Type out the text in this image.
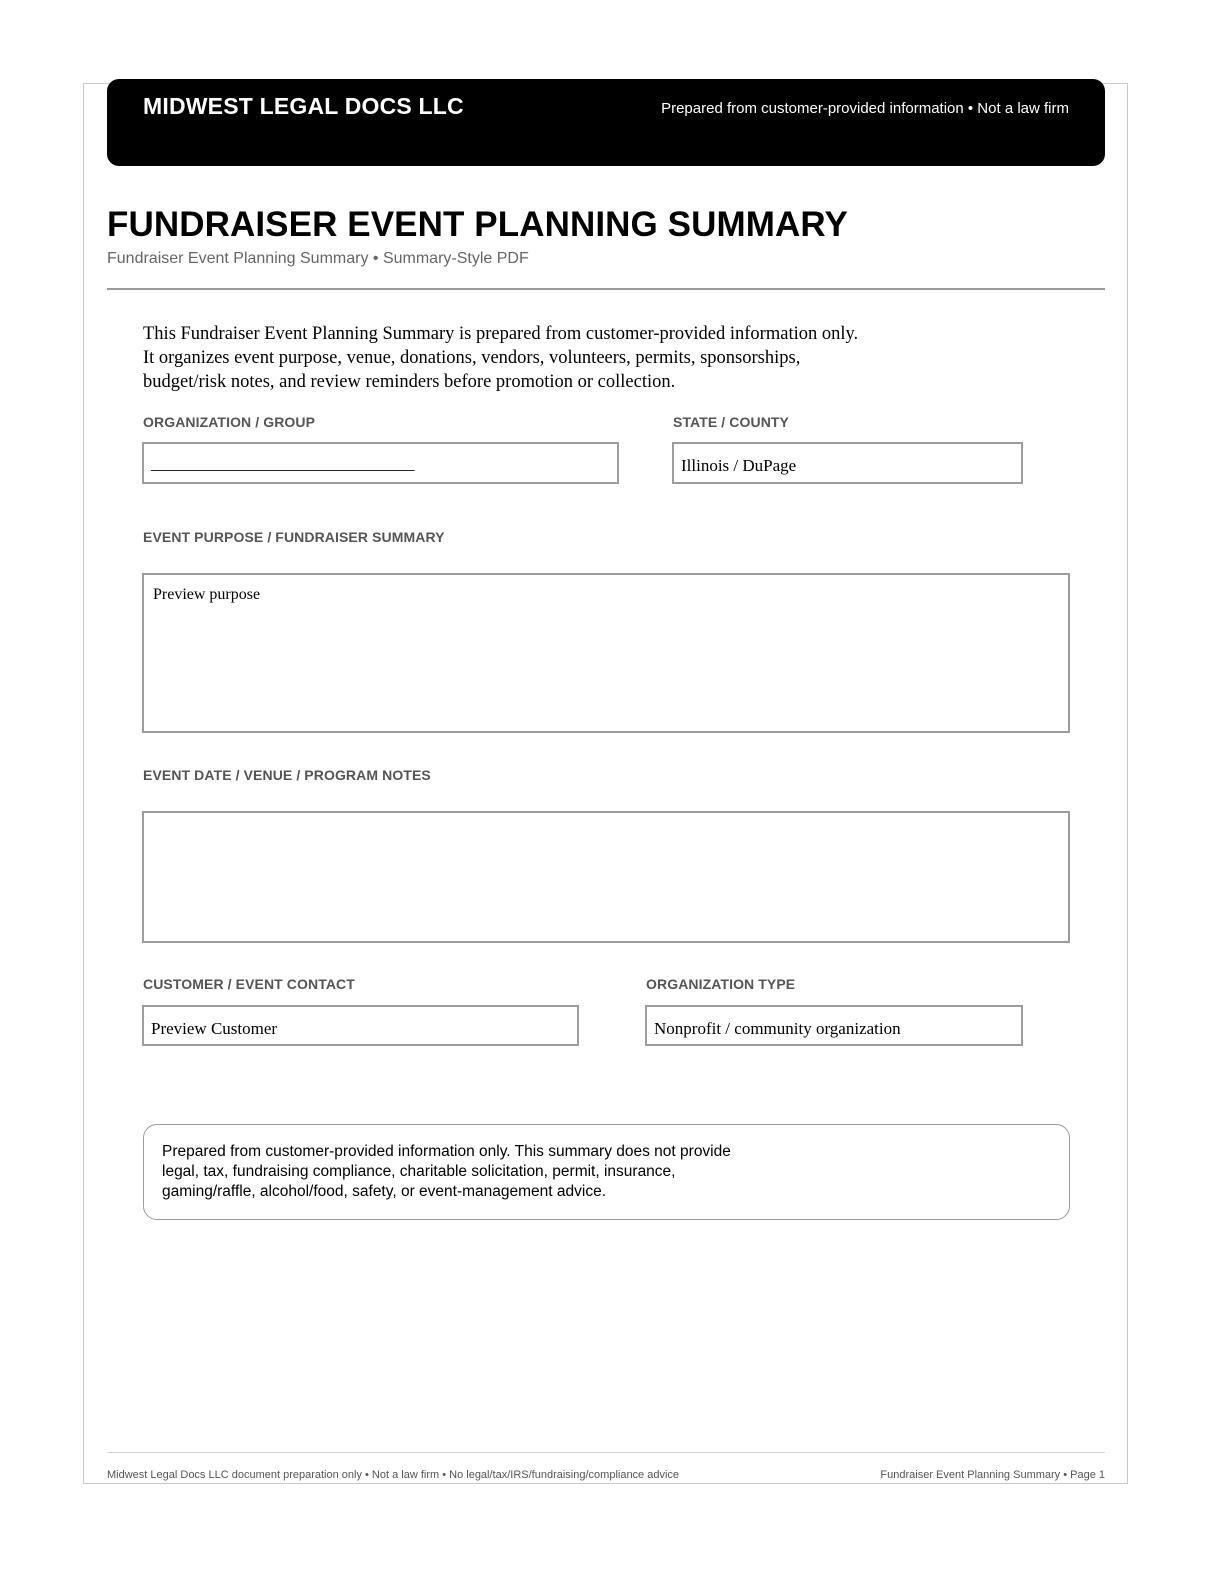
MIDWEST LEGAL DOCS LLC	Prepared from customer-provided information • Not a law firm
FUNDRAISER EVENT PLANNING SUMMARY
Fundraiser Event Planning Summary • Summary-Style PDF

This Fundraiser Event Planning Summary is prepared from customer-provided information only.

It organizes event purpose, venue, donations, vendors, volunteers, permits, sponsorships,

budget/risk notes, and review reminders before promotion or collection.

ORGANIZATION / GROUP
_______________________________
STATE / COUNTY
Illinois / DuPage
EVENT PURPOSE / FUNDRAISER SUMMARY
Preview purpose
EVENT DATE / VENUE / PROGRAM NOTES
CUSTOMER / EVENT CONTACT
Preview Customer
ORGANIZATION TYPE
Nonprofit / community organization
Prepared from customer-provided information only. This summary does not provide
legal, tax, fundraising compliance, charitable solicitation, permit, insurance,
gaming/raffle, alcohol/food, safety, or event-management advice.
Midwest Legal Docs LLC document preparation only • Not a law firm • No legal/tax/IRS/fundraising/compliance advice	Fundraiser Event Planning Summary • Page 1
